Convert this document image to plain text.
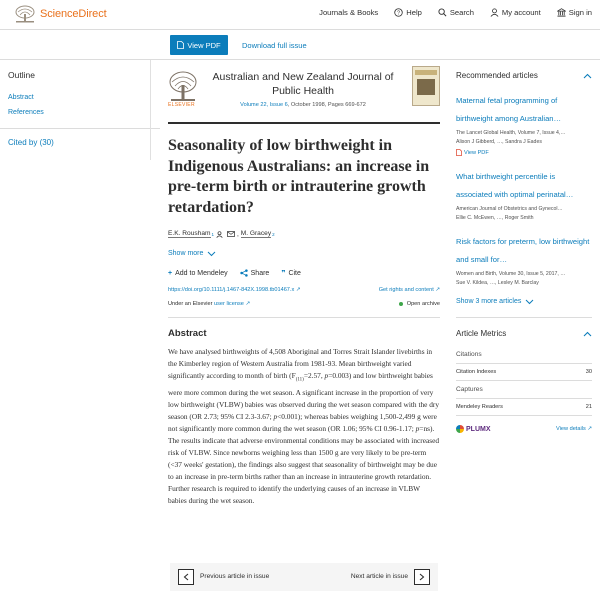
ScienceDirect	Journals & Books	? Help	Search	My account	Sign in
View PDF	Download full issue
Outline
Abstract
References
Cited by (30)
ELSEVIER
Australian and New Zealand Journal of Public Health
Volume 22, Issue 6, October 1998, Pages 669-672
Seasonality of low birthweight in Indigenous Australians: an increase in pre-term birth or intrauterine growth retardation?
E.K. Rousham 1	, M. Gracey 2
Show more
+ Add to Mendeley	Share ❞ Cite
https://doi.org/10.1111/j.1467-842X.1998.tb01467.x ↗	Get rights and content ↗
Under an Elsevier user license ↗	Open archive
Abstract

We have analysed birthweights of 4,508 Aboriginal and Torres Strait Islander livebirths in the Kimberley region of Western Australia from 1981-93. Mean birthweight varied significantly according to month of birth ($F_{(11)}=2.57$, p=0.003) and low birthweight babies were more common during the wet season. A significant increase in the proportion of very low birthweight (VLBW) babies was observed during the wet season compared with the dry season (OR 2.73; 95% CI 2.3-3.67; p<0.001); whereas babies weighing 1,500-2,499 g were not significantly more common during the wet season (OR 1.06; 95% CI 0.96-1.17; p=ns). The results indicate that adverse environmental conditions may be associated with increased risk of VLBW. Since newborns weighing less than 1500 g are very likely to be pre-term (<37 weeks' gestation), the findings also suggest that seasonality of birthweight may be due to an increase in pre-term births rather than an increase in intrauterine growth retardation. Further research is required to identify the underlying causes of an increase in VLBW babies during the wet season.

Previous article in issue	Next article in issue
Recommended articles
Maternal fetal programming of birthweight among Australian…
The Lancet Global Health, Volume 7, Issue 4,…
Alison J Gibberd, …, Sandra J Eades
View PDF
What birthweight percentile is associated with optimal perinatal…
American Journal of Obstetrics and Gynecol…
Ellie C. McEwen, …, Roger Smith
Risk factors for preterm, low birthweight and small for…
Women and Birth, Volume 30, Issue 5, 2017, …
Sue V. Kildea, …, Lesley M. Barclay
Show 3 more articles
Article Metrics
Citations
Citation Indexes	30
Captures
Mendeley Readers	21
PLUMX	View details ↗
